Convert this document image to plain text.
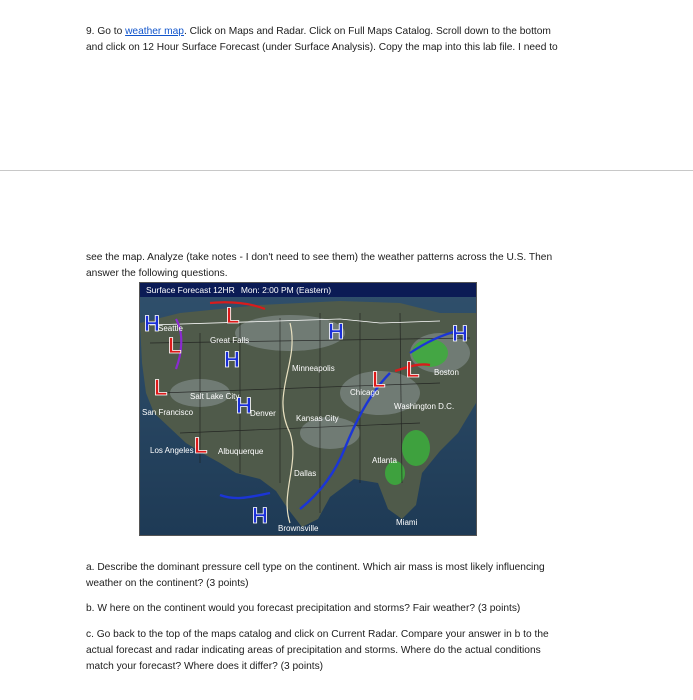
9. Go to weather map. Click on Maps and Radar. Click on Full Maps Catalog. Scroll down to the bottom
and click on 12 Hour Surface Forecast (under Surface Analysis). Copy the map into this lab file. I need to
see the map. Analyze (take notes - I don't need to see them) the weather patterns across the U.S. Then
answer the following questions.
H	L
L
H
H	H
L
H
L L
L
H
Seattle
Great Falls
Minneapolis
Chicago
Boston
Salt Lake City
San Francisco	Denver
Kansas City
Washington D.C.
Los Angeles	Albuquerque
Atlanta
Dallas
Brownsville
Miami
Surface Forecast 12HR Mon: 2:00 PM (Eastern)
a. Describe the dominant pressure cell type on the continent. Which air mass is most likely influencing
weather on the continent? (3 points)
b. W here on the continent would you forecast precipitation and storms? Fair weather? (3 points)
c. Go back to the top of the maps catalog and click on Current Radar. Compare your answer in b to the
actual forecast and radar indicating areas of precipitation and storms. Where do the actual conditions
match your forecast? Where does it differ? (3 points)
